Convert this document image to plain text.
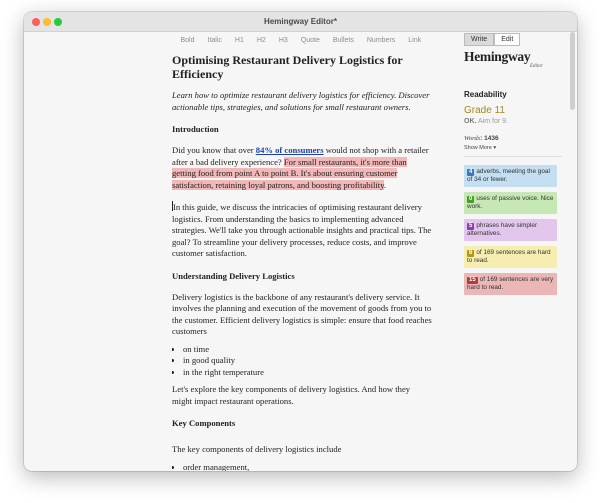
Hemingway Editor*
Bold	Italic	H1	H2	H3	Quote	Bullets	Numbers	Link
Optimising Restaurant Delivery Logistics for Efficiency
Learn how to optimize restaurant delivery logistics for efficiency. Discover actionable tips, strategies, and solutions for small restaurant owners.
Introduction
Did you know that over 84% of consumers would not shop with a retailer after a bad delivery experience? For small restaurants, it's more than getting food from point A to point B. It's about ensuring customer satisfaction, retaining loyal patrons, and boosting profitability.
In this guide, we discuss the intricacies of optimising restaurant delivery logistics. From understanding the basics to implementing advanced strategies. We'll take you through actionable insights and practical tips. The goal? To streamline your delivery processes, reduce costs, and improve customer satisfaction.
Understanding Delivery Logistics
Delivery logistics is the backbone of any restaurant's delivery service. It involves the planning and execution of the movement of goods from you to the customer. Efficient delivery logistics is simple: ensure that food reaches customers
• on time
• in good quality
• in the right temperature
Let's explore the key components of delivery logistics. And how they might impact restaurant operations.
Key Components
The key components of delivery logistics include
• order management,
Write	Edit
Hemingway
Editor
Readability
Grade 11
OK. Aim for 9.
Words: 1436
Show More ▾
4 adverbs, meeting the goal of 34 or fewer.
0 uses of passive voice. Nice work.
5 phrases have simpler alternatives.
6 of 169 sentences are hard to read.
15 of 169 sentences are very hard to read.
